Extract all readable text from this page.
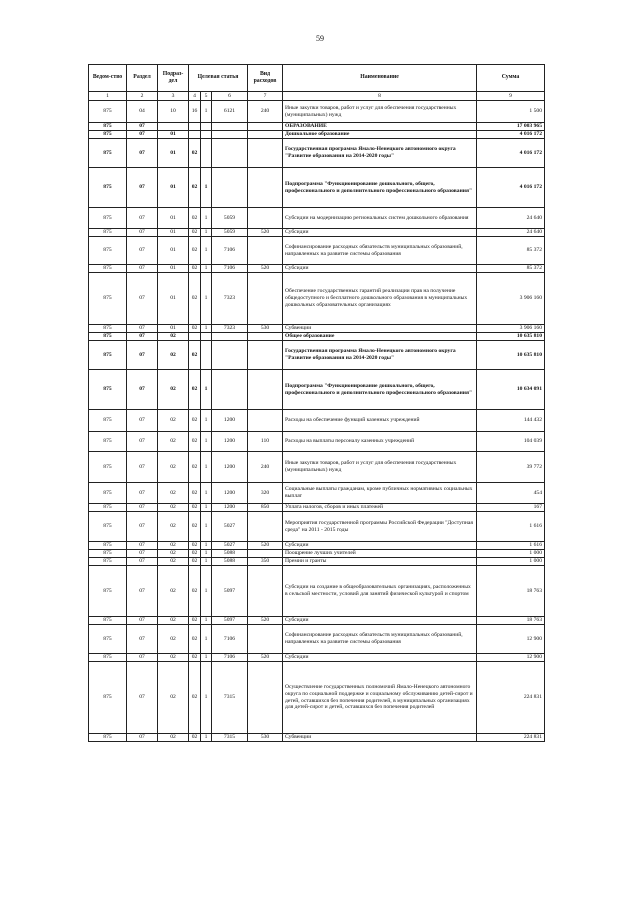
59
Ведом-ство	Раздел	Подраз-дел	Целевая статья			Вид расходов	Наименование	Сумма
1	2	3	4	5	6	7	8	9
875	04	10	16	1	6121	240	Иные закупки товаров, работ и услуг для обеспечения государственных (муниципальных) нужд	1 500
875	07						ОБРАЗОВАНИЕ	17 003 965
875	07	01					Дошкольное образование	4 016 172
875	07	01	02				Государственная программа Ямало-Ненецкого автономного округа "Развитие образования на 2014-2020 годы"	4 016 172
875	07	01	02	1			Подпрограмма "Функционирование дошкольного, общего, профессионального и дополнительного профессионального образования"	4 016 172
875	07	01	02	1	5059		Субсидии на модернизацию региональных систем дошкольного образования	24 640
875	07	01	02	1	5059	520	Субсидии	24 640
875	07	01	02	1	7106		Софинансирование расходных обязательств муниципальных образований, направленных на развитие системы образования	85 372
875	07	01	02	1	7106	520	Субсидии	85 372
875	07	01	02	1	7323		Обеспечение государственных гарантий реализации прав на получение общедоступного и бесплатного дошкольного образования в муниципальных дошкольных образовательных организациях	3 906 160
875	07	01	02	1	7323	530	Субвенции	3 906 160
875	07	02					Общее образование	10 635 810
875	07	02	02				Государственная программа Ямало-Ненецкого автономного округа "Развитие образования на 2014-2020 годы"	10 635 810
875	07	02	02	1			Подпрограмма "Функционирование дошкольного, общего, профессионального и дополнительного профессионального образования"	10 634 091
875	07	02	02	1	1200		Расходы на обеспечение функций казенных учреждений	144 432
875	07	02	02	1	1200	110	Расходы на выплаты персоналу казенных учреждений	104 039
875	07	02	02	1	1200	240	Иные закупки товаров, работ и услуг для обеспечения государственных (муниципальных) нужд	39 772
875	07	02	02	1	1200	320	Социальные выплаты гражданам, кроме публичных нормативных социальных выплат	454
875	07	02	02	1	1200	850	Уплата налогов, сборов и иных платежей	167
875	07	02	02	1	5027		Мероприятия государственной программы Российской Федерации "Доступная среда" на 2011 - 2015 годы	1 616
875	07	02	02	1	5027	520	Субсидии	1 616
875	07	02	02	1	5088		Поощрение лучших учителей	1 000
875	07	02	02	1	5088	350	Премии и гранты	1 000
875	07	02	02	1	5097		Субсидии на создание в общеобразовательных организациях, расположенных в сельской местности, условий для занятий физической культурой и спортом	18 763
875	07	02	02	1	5097	520	Субсидии	18 763
875	07	02	02	1	7106		Софинансирование расходных обязательств муниципальных образований, направленных на развитие системы образования	12 900
875	07	02	02	1	7106	520	Субсидии	12 900
875	07	02	02	1	7315		Осуществление государственных полномочий Ямало-Ненецкого автономного округа по социальной поддержке и социальному обслуживанию детей-сирот и детей, оставшихся без попечения родителей, в муниципальных организациях для детей-сирот и детей, оставшихся без попечения родителей	224 831
875	07	02	02	1	7315	530	Субвенции	224 831
